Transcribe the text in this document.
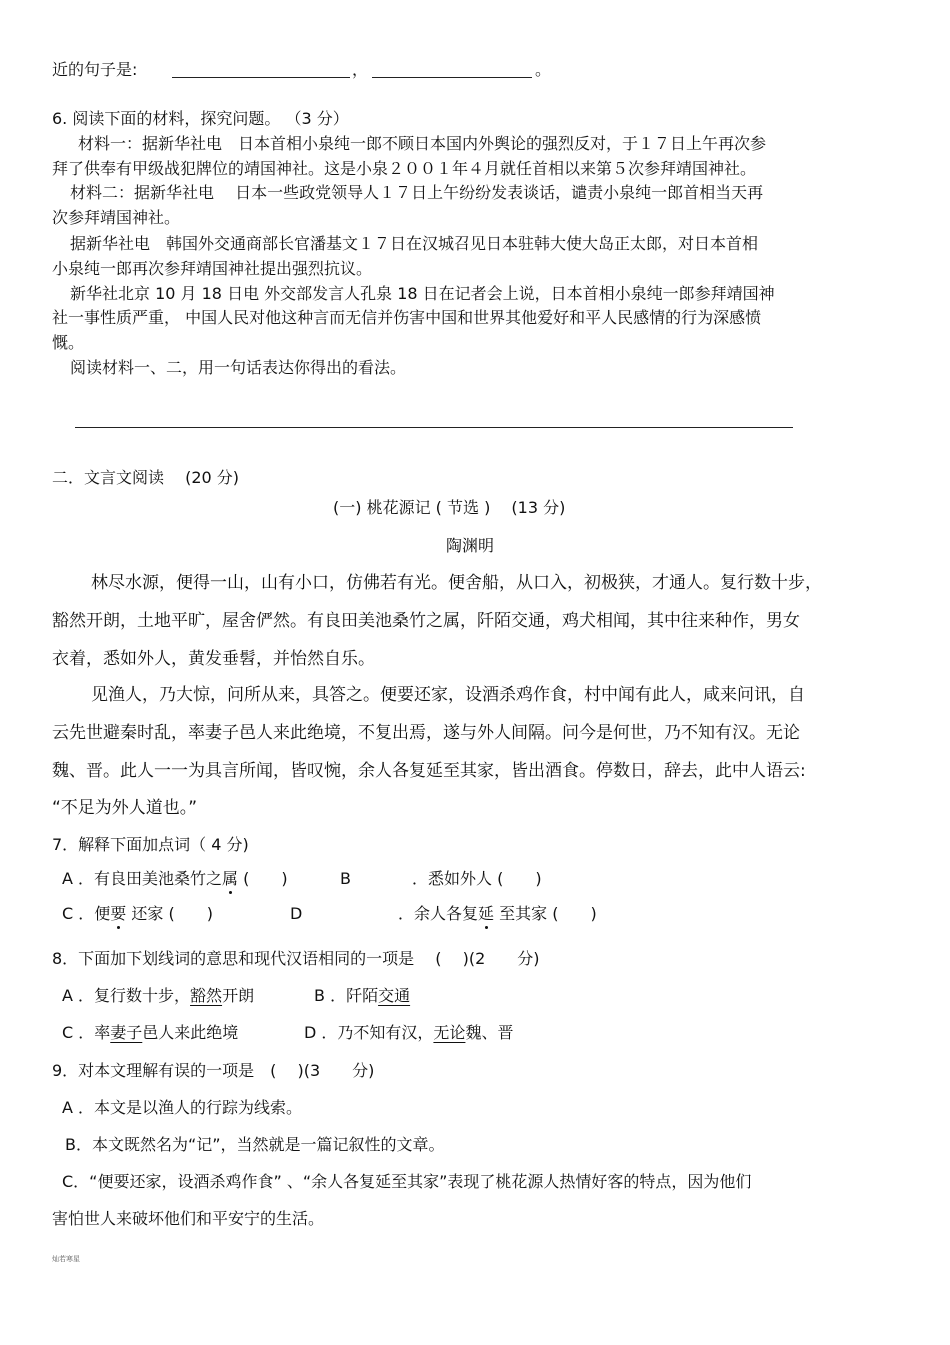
近的句子是:	，	。
6. 阅读下面的材料，探究问题。 （3 分）
材料一：据新华社电　日本首相小泉纯一郎不顾日本国内外舆论的强烈反对，于１７日上午再次参
拜了供奉有甲级战犯牌位的靖国神社。这是小泉２００１年４月就任首相以来第５次参拜靖国神社。
材料二：据新华社电　 日本一些政党领导人１７日上午纷纷发表谈话，谴责小泉纯一郎首相当天再
次参拜靖国神社。
据新华社电　韩国外交通商部长官潘基文１７日在汉城召见日本驻韩大使大岛正太郎，对日本首相
小泉纯一郎再次参拜靖国神社提出强烈抗议。
新华社北京 10 月 18 日电 外交部发言人孔泉 18 日在记者会上说，日本首相小泉纯一郎参拜靖国神
社一事性质严重， 中国人民对他这种言而无信并伤害中国和世界其他爱好和平人民感情的行为深感愤
慨。
阅读材料一、二，用一句话表达你得出的看法。
二．文言文阅读　 (20 分)
(一) 桃花源记 ( 节选 )　 (13 分)
陶渊明
林尽水源，便得一山，山有小口，仿佛若有光。便舍船，从口入，初极狭，才通人。复行数十步，
豁然开朗，土地平旷，屋舍俨然。有良田美池桑竹之属，阡陌交通，鸡犬相闻，其中往来种作，男女
衣着，悉如外人，黄发垂髫，并怡然自乐。
见渔人，乃大惊，问所从来，具答之。便要还家，设酒杀鸡作食，村中闻有此人，咸来问讯，自
云先世避秦时乱，率妻子邑人来此绝境，不复出焉，遂与外人间隔。问今是何世，乃不知有汉。无论
魏、晋。此人一一为具言所闻，皆叹惋，余人各复延至其家，皆出酒食。停数日，辞去，此中人语云:
“不足为外人道也。”
7．解释下面加点词（ 4 分)
A ．有良田美池桑竹之属 (　　)	B	．悉如外人 (　　)
C ．便要 还家 (　　)	D	．余人各复延 至其家 (　　)
8．下面加下划线词的意思和现代汉语相同的一项是　 (　 )(2　　分)
A ．复行数十步，豁然开朗	B ．阡陌交通
C ．率妻子邑人来此绝境	D ．乃不知有汉，无论魏、晋
9．对本文理解有误的一项是　(　 )(3　　分)
A ．本文是以渔人的行踪为线索。
B．本文既然名为“记”，当然就是一篇记叙性的文章。
C．“便要还家，设酒杀鸡作食” 、“余人各复延至其家”表现了桃花源人热情好客的特点，因为他们
害怕世人来破坏他们和平安宁的生活。
灿若寒星
